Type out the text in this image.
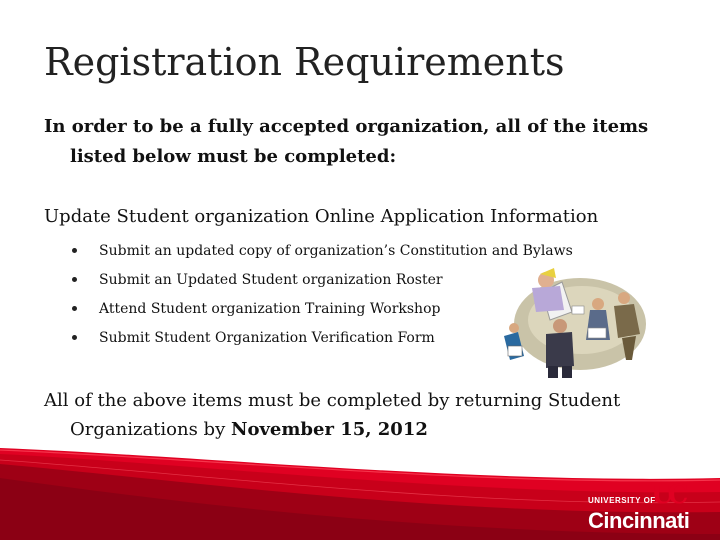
Registration Requirements
In order to be a fully accepted organization, all of the items listed below must be completed:
Update Student organization Online Application Information
Submit an updated copy of organization’s Constitution and Bylaws
Submit an Updated Student organization Roster
Attend Student organization Training Workshop
Submit Student Organization Verification Form
All of the above items must be completed by returning Student Organizations by November 15, 2012
UC
UNIVERSITY OF
Cincinnati
